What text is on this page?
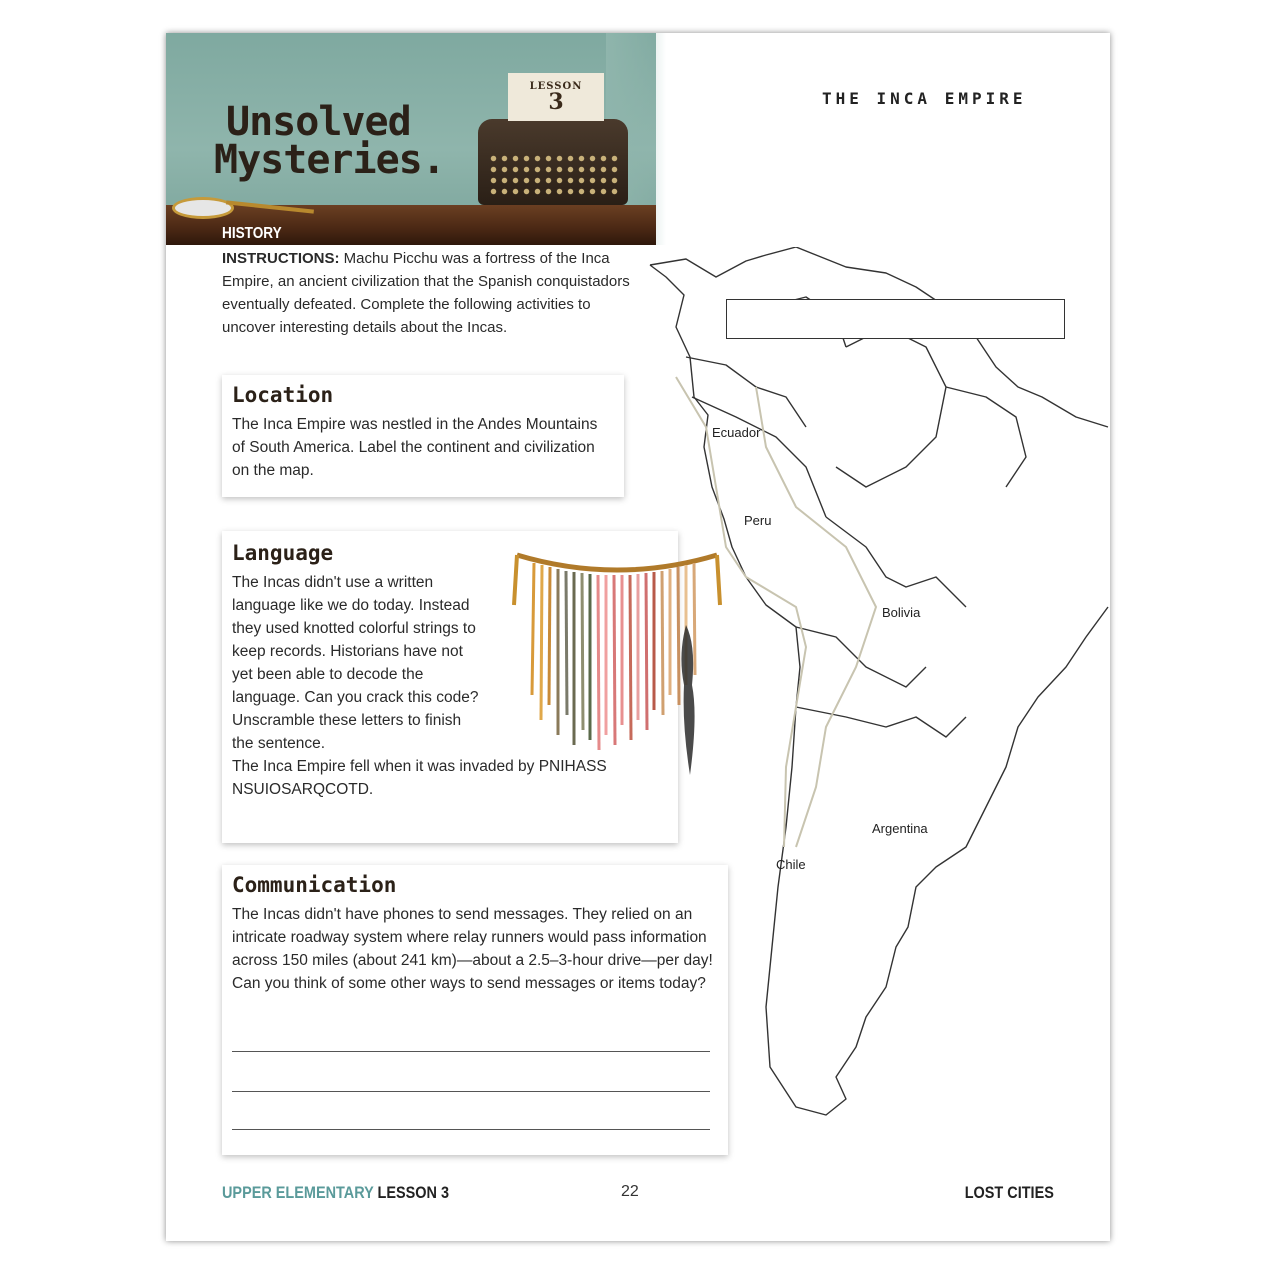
LESSON
3
Unsolved
Mysteries.
HISTORY
THE INCA EMPIRE
INSTRUCTIONS: Machu Picchu was a fortress of the Inca Empire, an ancient civilization that the Spanish conquistadors eventually defeated. Complete the following activities to uncover interesting details about the Incas.
Location

The Inca Empire was nestled in the Andes Mountains of South America. Label the continent and civilization on the map.

Language

The Incas didn't use a written language like we do today. Instead they used knotted colorful strings to keep records. Historians have not yet been able to decode the language. Can you crack this code? Unscramble these letters to finish the sentence.

The Inca Empire fell when it was invaded by PNIHASS NSUIOSARQCOTD.

Communication

The Incas didn't have phones to send messages. They relied on an intricate roadway system where relay runners would pass information across 150 miles (about 241 km)—about a 2.5–3-hour drive—per day! Can you think of some other ways to send messages or items today?

Ecuador
Peru
Bolivia
Argentina
Chile
UPPER ELEMENTARY LESSON 3	22	LOST CITIES
